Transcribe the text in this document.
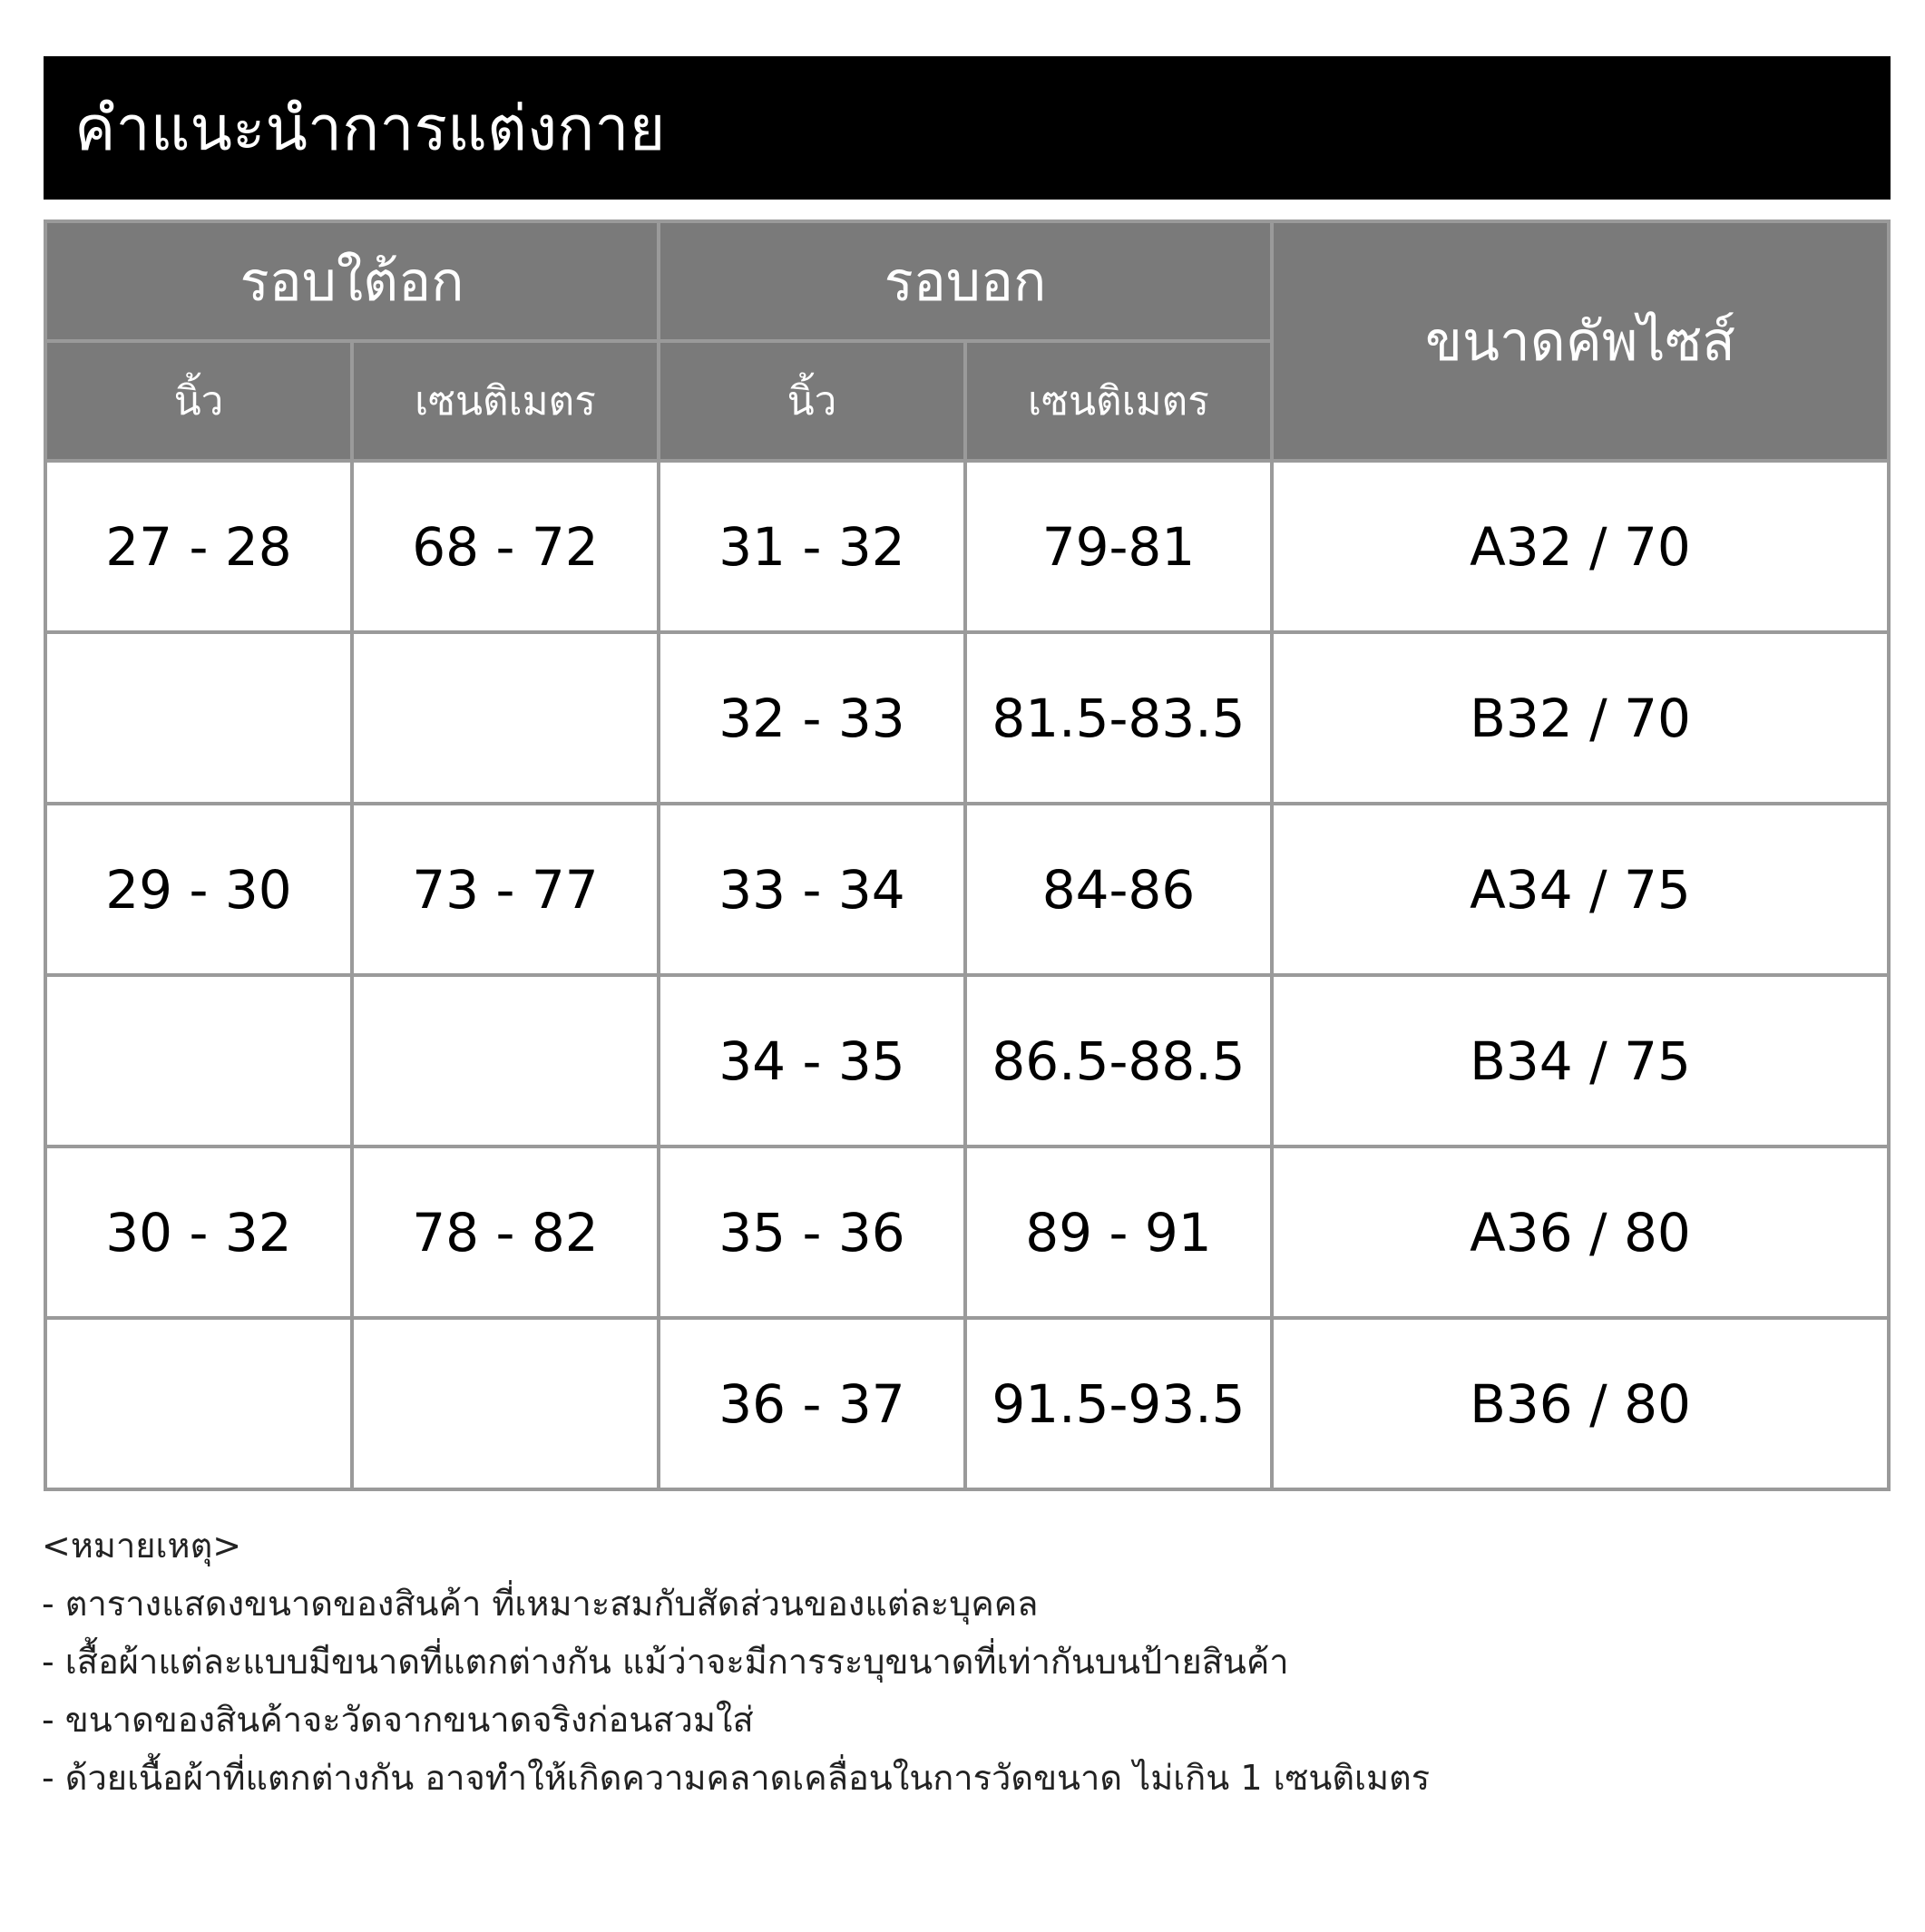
คำแนะนำการแต่งกาย
รอบใต้อก		รอบอก		ขนาดคัพไซส์
นิ้ว	เซนติเมตร	นิ้ว	เซนติเมตร	
27 - 28	68 - 72	31 - 32	79-81	A32 / 70
		32 - 33	81.5-83.5	B32 / 70
29 - 30	73 - 77	33 - 34	84-86	A34 / 75
		34 - 35	86.5-88.5	B34 / 75
30 - 32	78 - 82	35 - 36	89 - 91	A36 / 80
		36 - 37	91.5-93.5	B36 / 80
<หมายเหตุ>
- ตารางแสดงขนาดของสินค้า ที่เหมาะสมกับสัดส่วนของแต่ละบุคคล
- เสื้อผ้าแต่ละแบบมีขนาดที่แตกต่างกัน แม้ว่าจะมีการระบุขนาดที่เท่ากันบนป้ายสินค้า
- ขนาดของสินค้าจะวัดจากขนาดจริงก่อนสวมใส่
- ด้วยเนื้อผ้าที่แตกต่างกัน อาจทำให้เกิดความคลาดเคลื่อนในการวัดขนาด ไม่เกิน 1 เซนติเมตร
